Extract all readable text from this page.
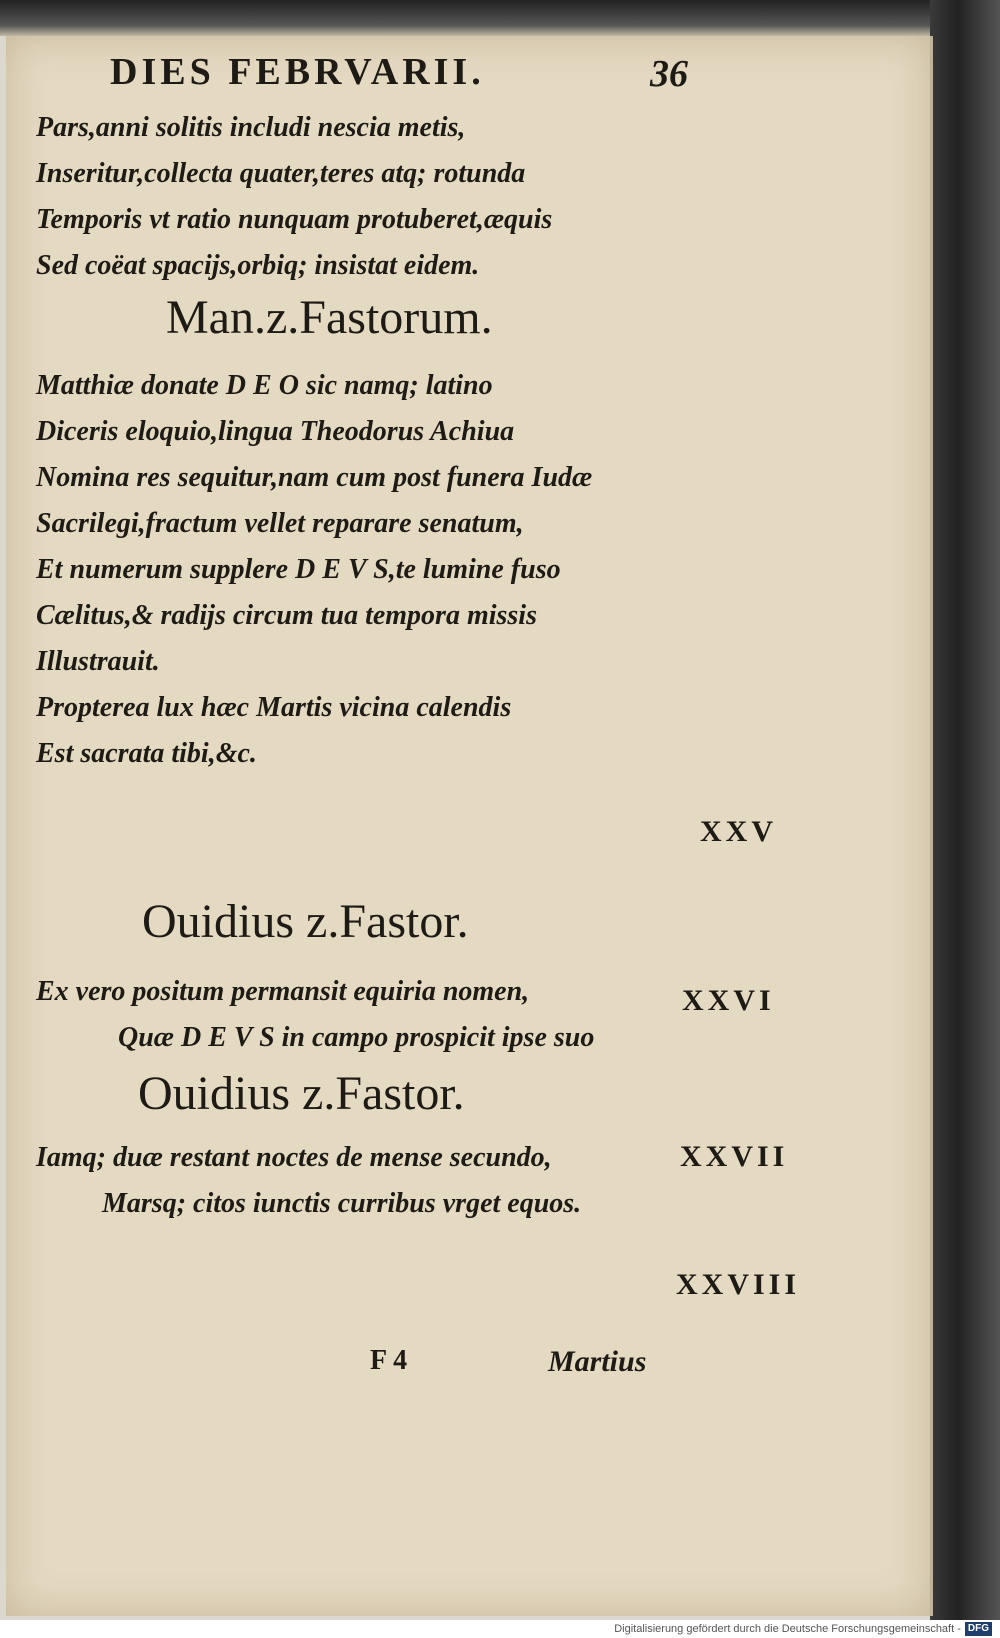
DIES FEBRVARII.	36
Pars,anni solitis includi nescia metis,
Inseritur,collecta quater,teres atq; rotunda
Temporis vt ratio nunquam protuberet,æquis
Sed coëat spacijs,orbiq; insistat eidem.
Man.z.Fastorum.
Matthiæ donate D E O sic namq; latino
Diceris eloquio,lingua Theodorus Achiua
Nomina res sequitur,nam cum post funera Iudæ
Sacrilegi,fractum vellet reparare senatum,
Et numerum supplere D E V S,te lumine fuso
Cælitus,& radijs circum tua tempora missis
Illustrauit.
Propterea lux hæc Martis vicina calendis
Est sacrata tibi,&c.
XXV
Ouidius z.Fastor.
Ex vero positum permansit equiria nomen,	XXVI
Quæ D E V S in campo prospicit ipse suo
Ouidius z.Fastor.
Iamq; duæ restant noctes de mense secundo,	XXVII
Marsq; citos iunctis curribus vrget equos.
XXVIII
F 4	Martius
Digitalisierung gefördert durch die Deutsche Forschungsgemeinschaft - DFG
